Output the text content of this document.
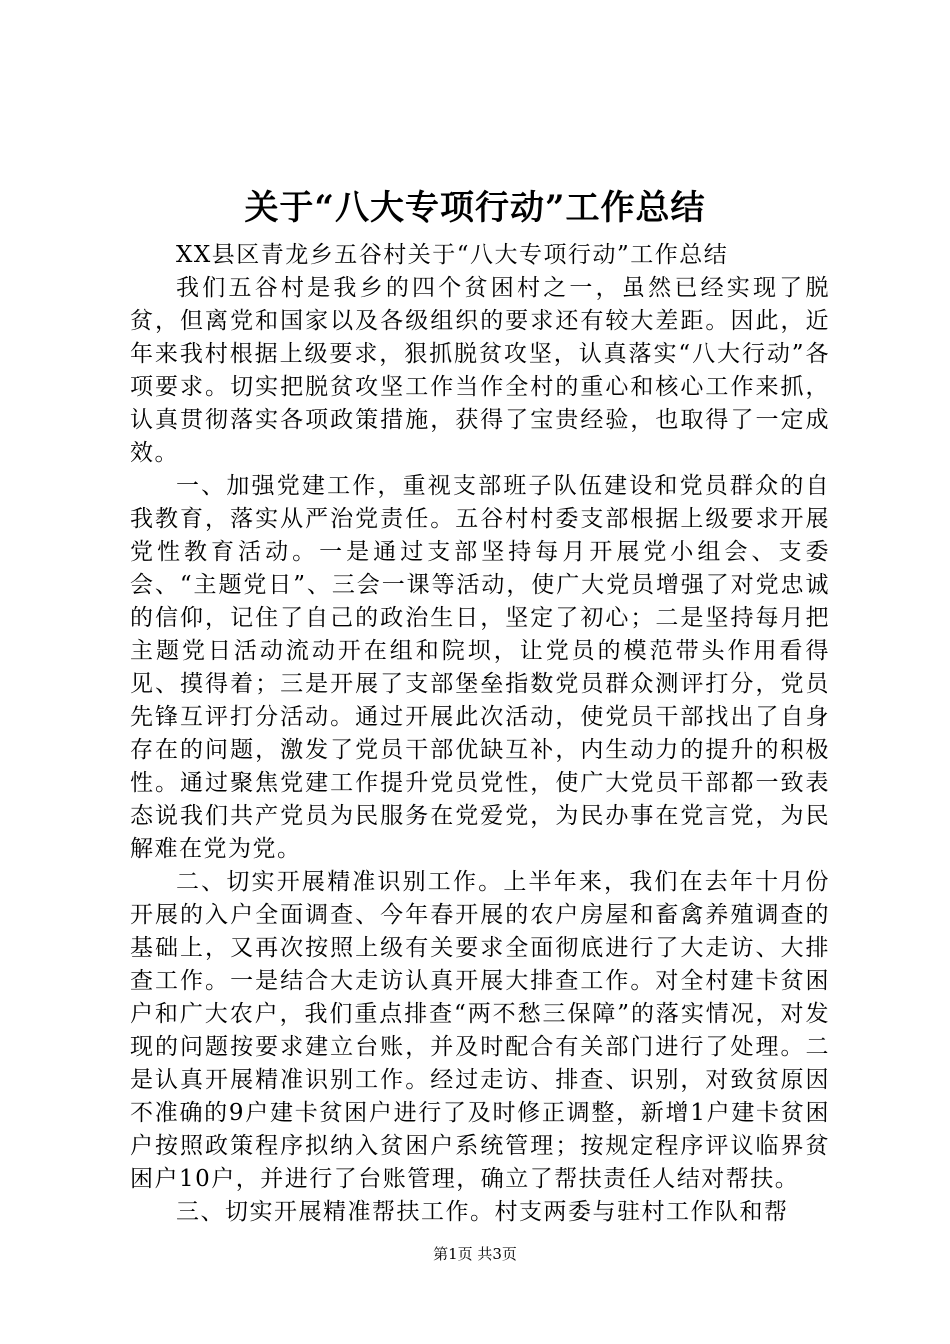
关于“八大专项行动”工作总结

XX县区青龙乡五谷村关于“八大专项行动”工作总结

我们五谷村是我乡的四个贫困村之一，虽然已经实现了脱贫，但离党和国家以及各级组织的要求还有较大差距。因此，近年来我村根据上级要求，狠抓脱贫攻坚，认真落实“八大行动”各项要求。切实把脱贫攻坚工作当作全村的重心和核心工作来抓，认真贯彻落实各项政策措施，获得了宝贵经验，也取得了一定成效。

一、加强党建工作，重视支部班子队伍建设和党员群众的自我教育，落实从严治党责任。五谷村村委支部根据上级要求开展党性教育活动。一是通过支部坚持每月开展党小组会、支委会、“主题党日”、三会一课等活动，使广大党员增强了对党忠诚的信仰，记住了自己的政治生日，坚定了初心；二是坚持每月把主题党日活动流动开在组和院坝，让党员的模范带头作用看得见、摸得着；三是开展了支部堡垒指数党员群众测评打分，党员先锋互评打分活动。通过开展此次活动，使党员干部找出了自身存在的问题，激发了党员干部优缺互补，内生动力的提升的积极性。通过聚焦党建工作提升党员党性，使广大党员干部都一致表态说我们共产党员为民服务在党爱党，为民办事在党言党，为民解难在党为党。

二、切实开展精准识别工作。上半年来，我们在去年十月份开展的入户全面调查、今年春开展的农户房屋和畜禽养殖调查的基础上，又再次按照上级有关要求全面彻底进行了大走访、大排查工作。一是结合大走访认真开展大排查工作。对全村建卡贫困户和广大农户，我们重点排查“两不愁三保障”的落实情况，对发现的问题按要求建立台账，并及时配合有关部门进行了处理。二是认真开展精准识别工作。经过走访、排查、识别，对致贫原因不准确的9户建卡贫困户进行了及时修正调整，新增1户建卡贫困户按照政策程序拟纳入贫困户系统管理；按规定程序评议临界贫困户10户，并进行了台账管理，确立了帮扶责任人结对帮扶。

三、切实开展精准帮扶工作。村支两委与驻村工作队和帮

第1页 共3页
